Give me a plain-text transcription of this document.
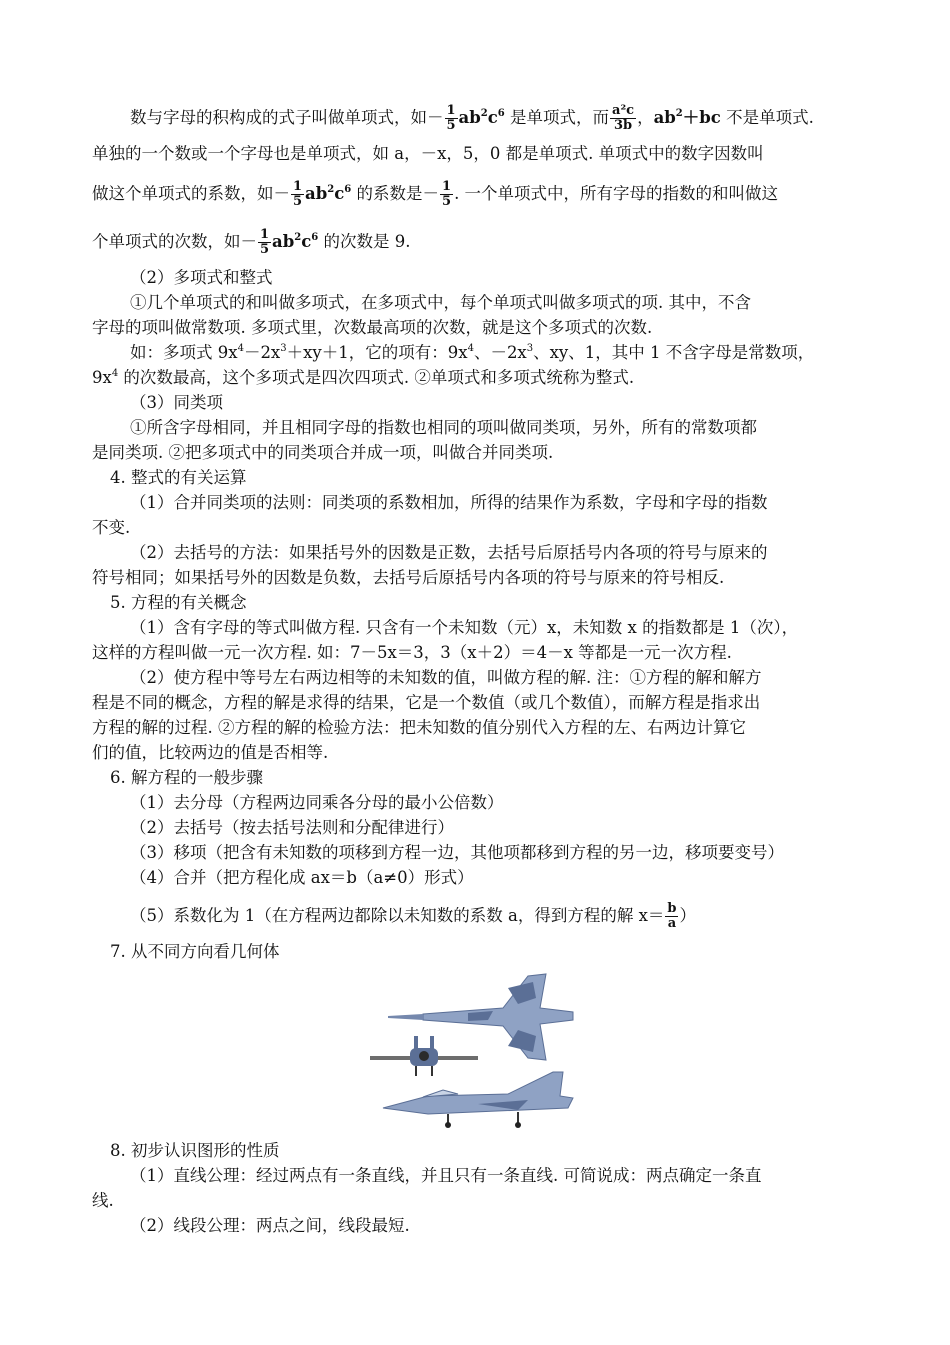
数与字母的积构成的式子叫做单项式，如－ $\frac{1}{5} ab^2c^6$ 是单项式，而 $\frac{\text{a²c}}{3b}$ ，$ab^2+bc$ 不是单项式.
单独的一个数或一个字母也是单项式，如 a，－x，5，0 都是单项式. 单项式中的数字因数叫
做这个单项式的系数，如－ $\frac{1}{5} ab^2c^6$ 的系数是－ $\frac{1}{5}$ . 一个单项式中，所有字母的指数的和叫做这
个单项式的次数，如－ $\frac{1}{5} ab^2c^6$ 的次数是 9.
（2）多项式和整式
①几个单项式的和叫做多项式，在多项式中，每个单项式叫做多项式的项. 其中，不含
字母的项叫做常数项. 多项式里，次数最高项的次数，就是这个多项式的次数.
如：多项式 $9x^4-2x^3+xy+1$，它的项有：$9x^4$、$-2x^3$、xy、1，其中 1 不含字母是常数项，
$9x^4$ 的次数最高，这个多项式是四次四项式. ②单项式和多项式统称为整式.
（3）同类项
①所含字母相同，并且相同字母的指数也相同的项叫做同类项，另外，所有的常数项都
是同类项. ②把多项式中的同类项合并成一项，叫做合并同类项.
4. 整式的有关运算
（1）合并同类项的法则：同类项的系数相加，所得的结果作为系数，字母和字母的指数
不变.
（2）去括号的方法：如果括号外的因数是正数，去括号后原括号内各项的符号与原来的
符号相同；如果括号外的因数是负数，去括号后原括号内各项的符号与原来的符号相反.
5. 方程的有关概念
（1）含有字母的等式叫做方程. 只含有一个未知数（元）x，未知数 x 的指数都是 1（次），
这样的方程叫做一元一次方程. 如：7－5x＝3，3（x＋2）＝4－x 等都是一元一次方程.
（2）使方程中等号左右两边相等的未知数的值，叫做方程的解. 注：①方程的解和解方
程是不同的概念，方程的解是求得的结果，它是一个数值（或几个数值），而解方程是指求出
方程的解的过程. ②方程的解的检验方法：把未知数的值分别代入方程的左、右两边计算它
们的值，比较两边的值是否相等.
6. 解方程的一般步骤
（1）去分母（方程两边同乘各分母的最小公倍数）
（2）去括号（按去括号法则和分配律进行）
（3）移项（把含有未知数的项移到方程一边，其他项都移到方程的另一边，移项要变号）
（4）合并（把方程化成 ax＝b（a≠0）形式）
（5）系数化为 1（在方程两边都除以未知数的系数 a，得到方程的解 $x= \frac{b}{a}$ ）
7. 从不同方向看几何体
8. 初步认识图形的性质
（1）直线公理：经过两点有一条直线，并且只有一条直线. 可简说成：两点确定一条直
线.
（2）线段公理：两点之间，线段最短.
